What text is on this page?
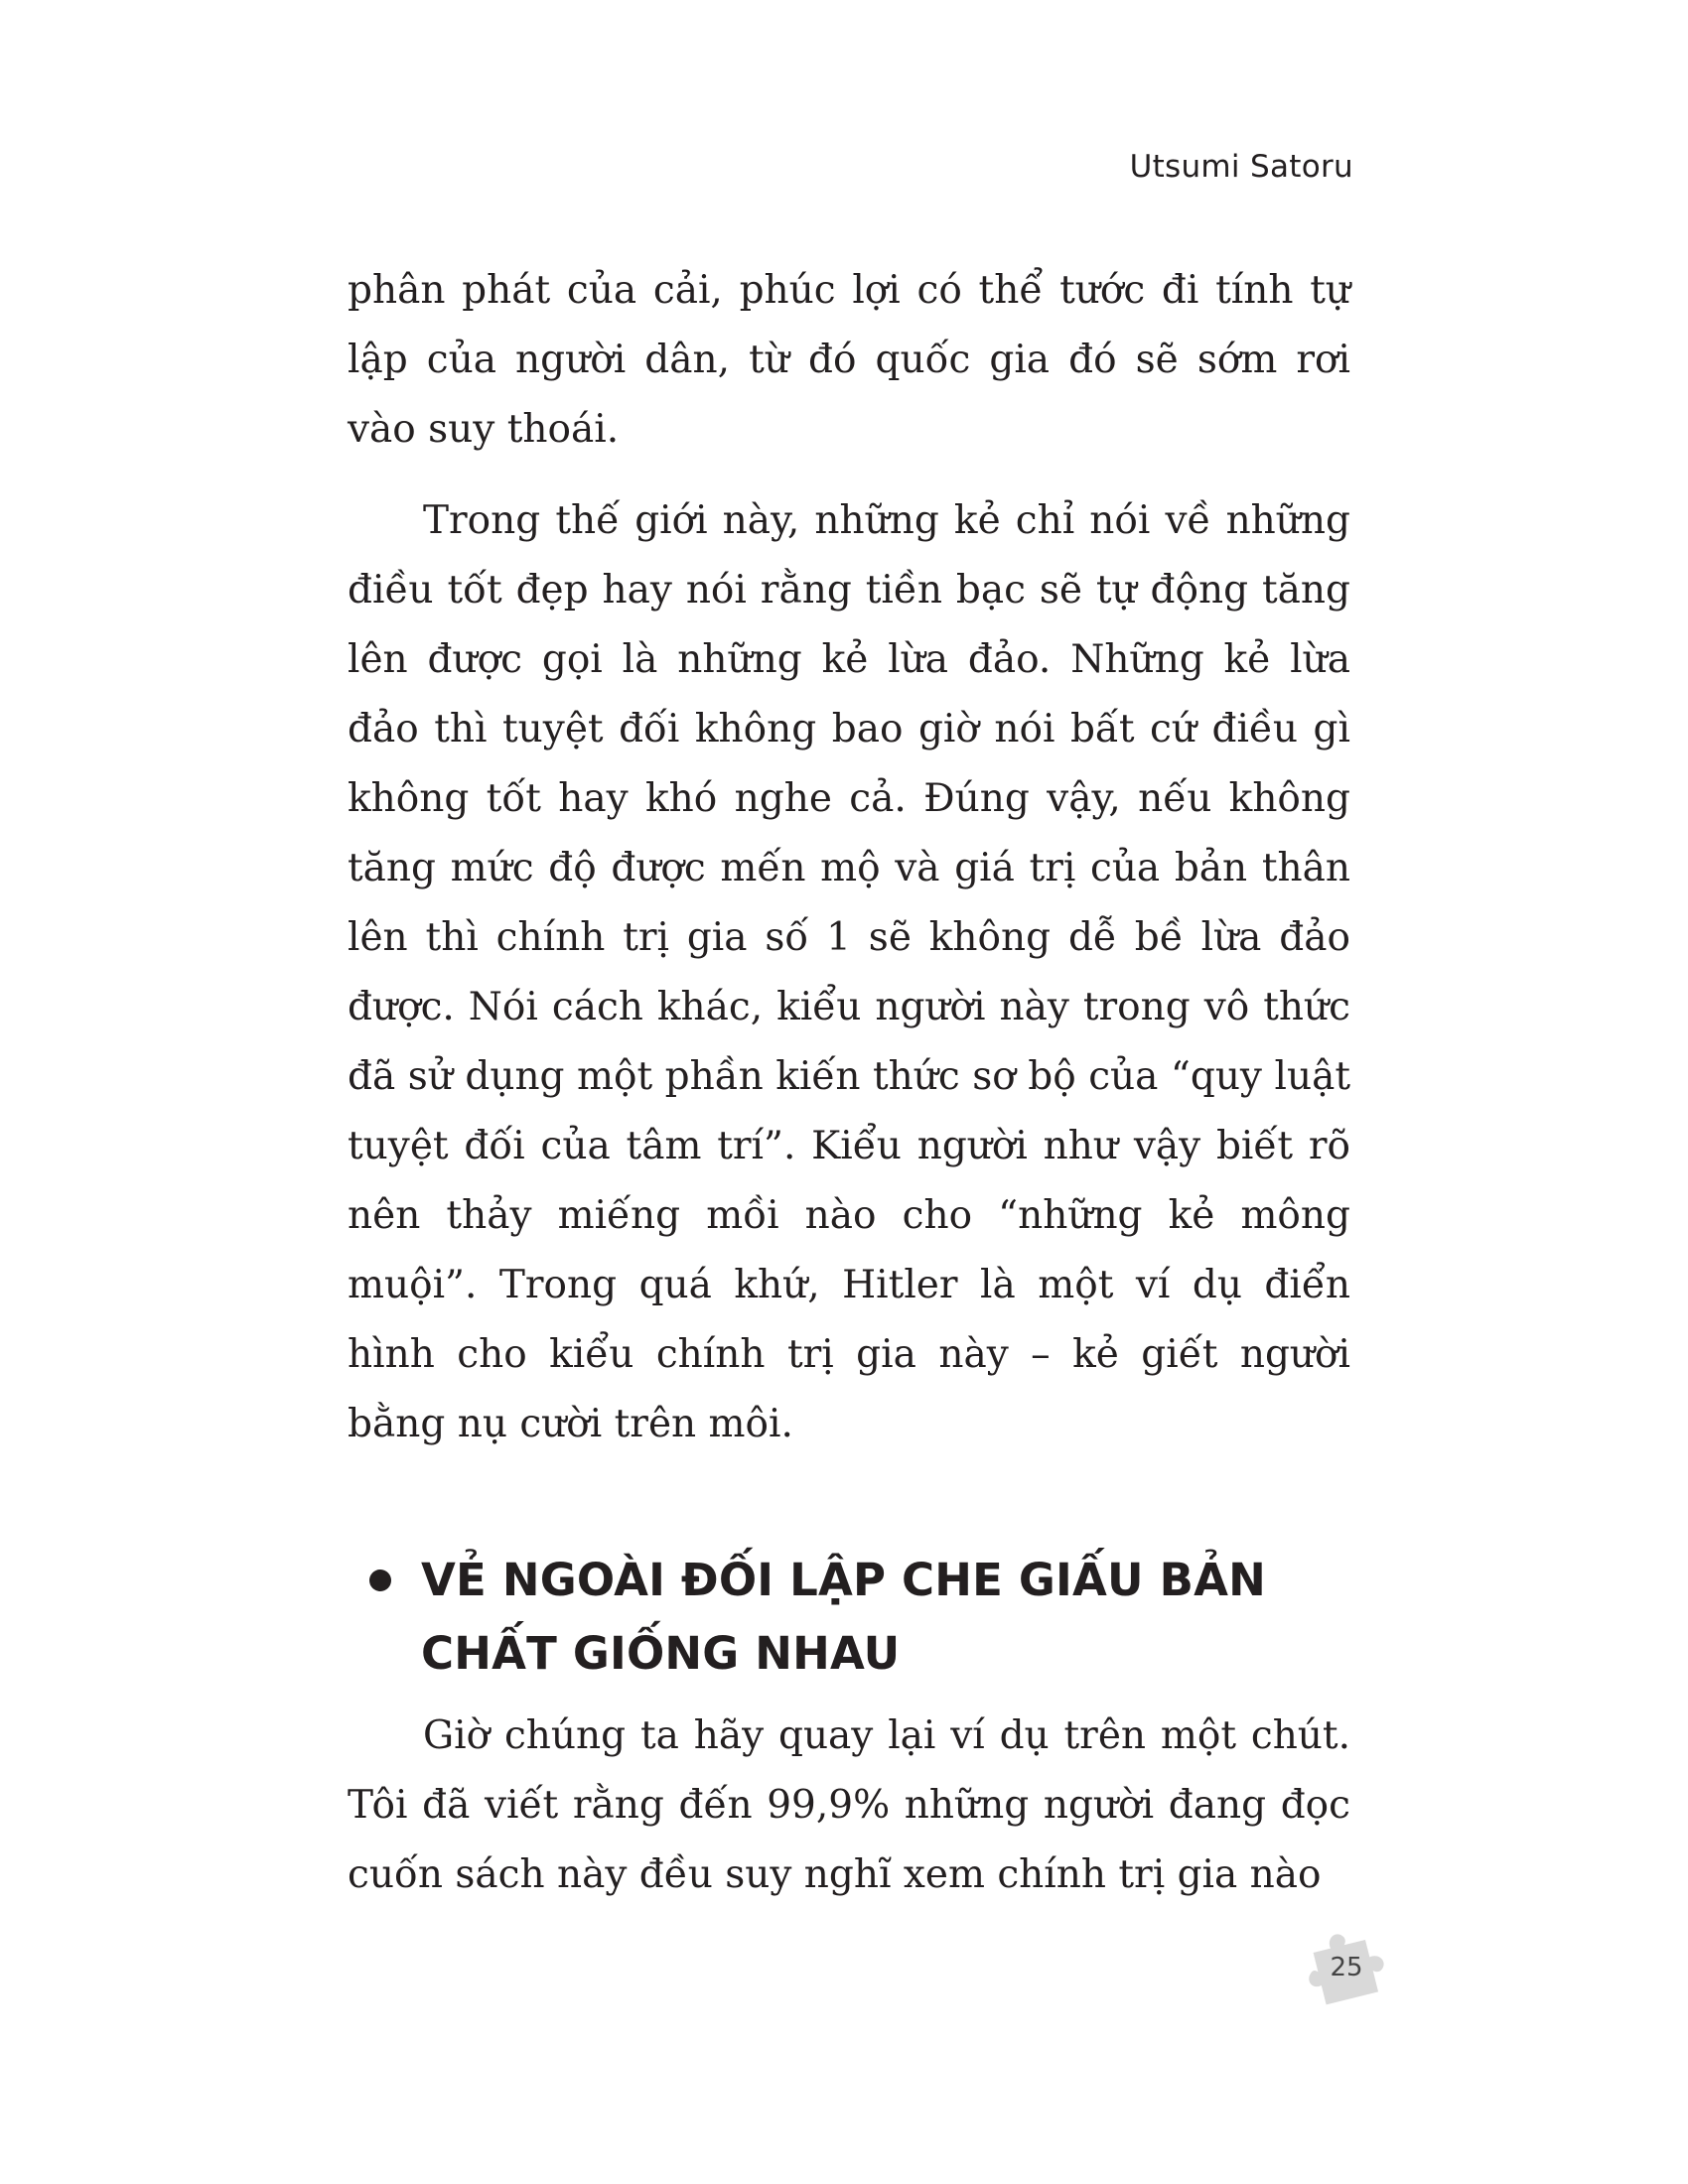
Utsumi Satoru

phân phát của cải, phúc lợi có thể tước đi tính tự lập của người dân, từ đó quốc gia đó sẽ sớm rơi vào suy thoái.

Trong thế giới này, những kẻ chỉ nói về những điều tốt đẹp hay nói rằng tiền bạc sẽ tự động tăng lên được gọi là những kẻ lừa đảo. Những kẻ lừa đảo thì tuyệt đối không bao giờ nói bất cứ điều gì không tốt hay khó nghe cả. Đúng vậy, nếu không tăng mức độ được mến mộ và giá trị của bản thân lên thì chính trị gia số 1 sẽ không dễ bề lừa đảo được. Nói cách khác, kiểu người này trong vô thức đã sử dụng một phần kiến thức sơ bộ của “quy luật tuyệt đối của tâm trí”. Kiểu người như vậy biết rõ nên thảy miếng mồi nào cho “những kẻ mông muội”. Trong quá khứ, Hitler là một ví dụ điển hình cho kiểu chính trị gia này – kẻ giết người bằng nụ cười trên môi.

VẺ NGOÀI ĐỐI LẬP CHE GIẤU BẢN CHẤT GIỐNG NHAU

Giờ chúng ta hãy quay lại ví dụ trên một chút. Tôi đã viết rằng đến 99,9% những người đang đọc cuốn sách này đều suy nghĩ xem chính trị gia nào

25
